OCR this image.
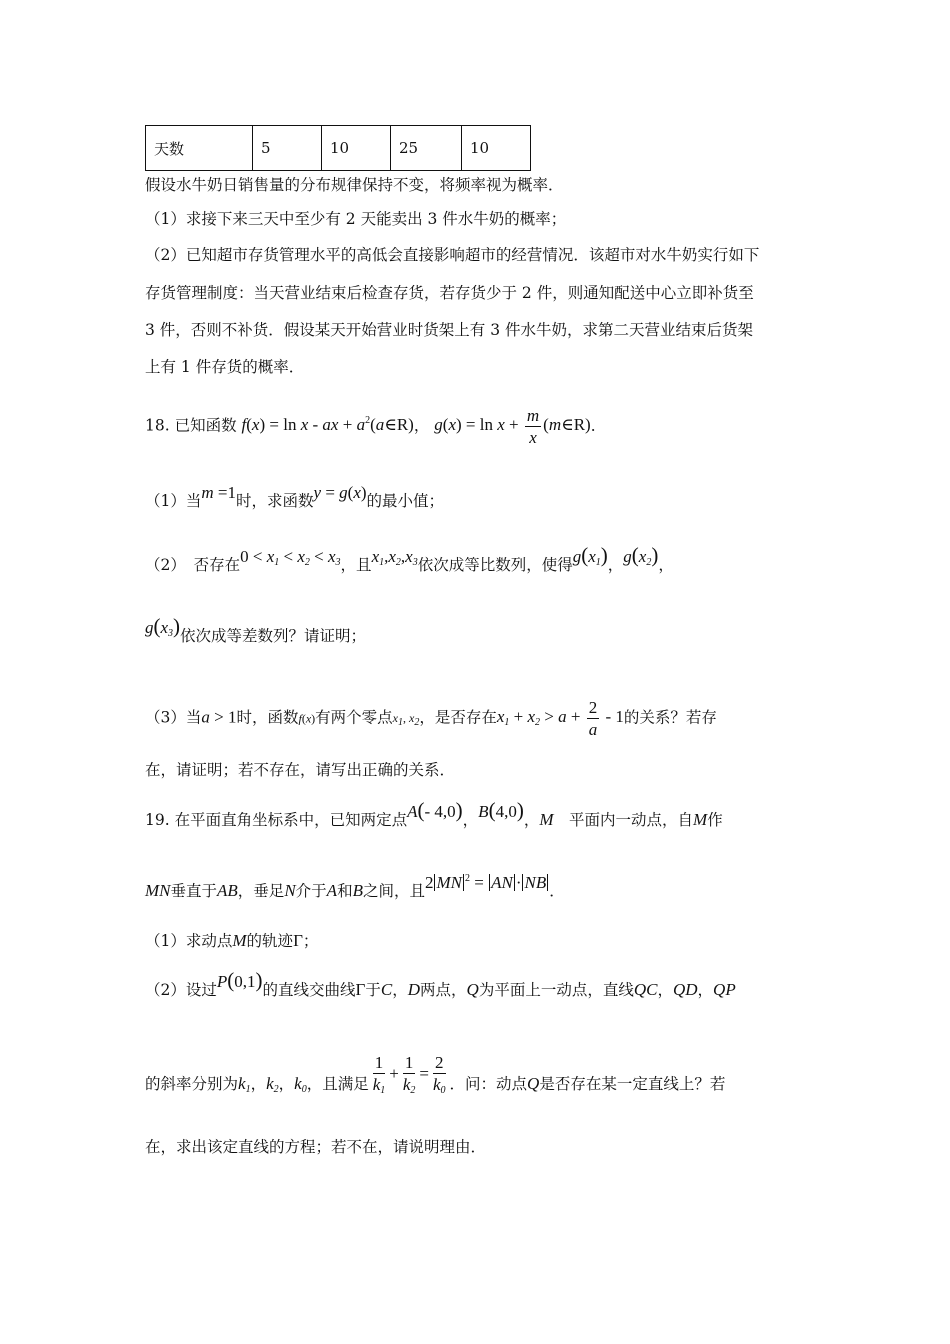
天数	5	10	25	10
假设水牛奶日销售量的分布规律保持不变，将频率视为概率．
（1）求接下来三天中至少有 2 天能卖出 3 件水牛奶的概率；
（2）已知超市存货管理水平的高低会直接影响超市的经营情况．该超市对水牛奶实行如下
存货管理制度：当天营业结束后检查存货，若存货少于 2 件，则通知配送中心立即补货至
3 件，否则不补货．假设某天开始营业时货架上有 3 件水牛奶，求第二天营业结束后货架
上有 1 件存货的概率．
18. 已知函数 f(x) = ln x - ax + $a^2(a\in R)$， $g(x) = \ln x + \frac{m}{x}$ (m∈R)．
（1）当m =1时，求函数y = g(x)的最小值；
（2）　否存在$0 < x_1 < x_2 < x_3$，且$x_1,x_2,x_3$依次成等比数列，使得$g(x_1)$，$g(x_2)$，
$g(x_3)$依次成等差数列？请证明；
（3）当a > 1时，函数f(x)有两个零点$x_1$, $x_2$，是否存在$x_1 + x_2 > a + \frac{2}{a} - 1$的关系？若存
在，请证明；若不存在，请写出正确的关系．
19. 在平面直角坐标系中，已知两定点A(- 4,0)，B(4,0)，M　平面内一动点，自M作
MN垂直于AB，垂足N介于A和B之间，且2 MN $^2$ = AN · NB ．
（1）求动点M的轨迹Γ；
（2）设过P(0,1)的直线交曲线Γ于C，D两点，Q为平面上一动点，直线QC，QD，QP
的斜率分别为$k_1$，$k_2$，$k_0$，且满足 $\frac{1}{k_1} + \frac{1}{k_2} = \frac{2}{k_0}$ ．问：动点Q是否存在某一定直线上？若
在，求出该定直线的方程；若不在，请说明理由．
